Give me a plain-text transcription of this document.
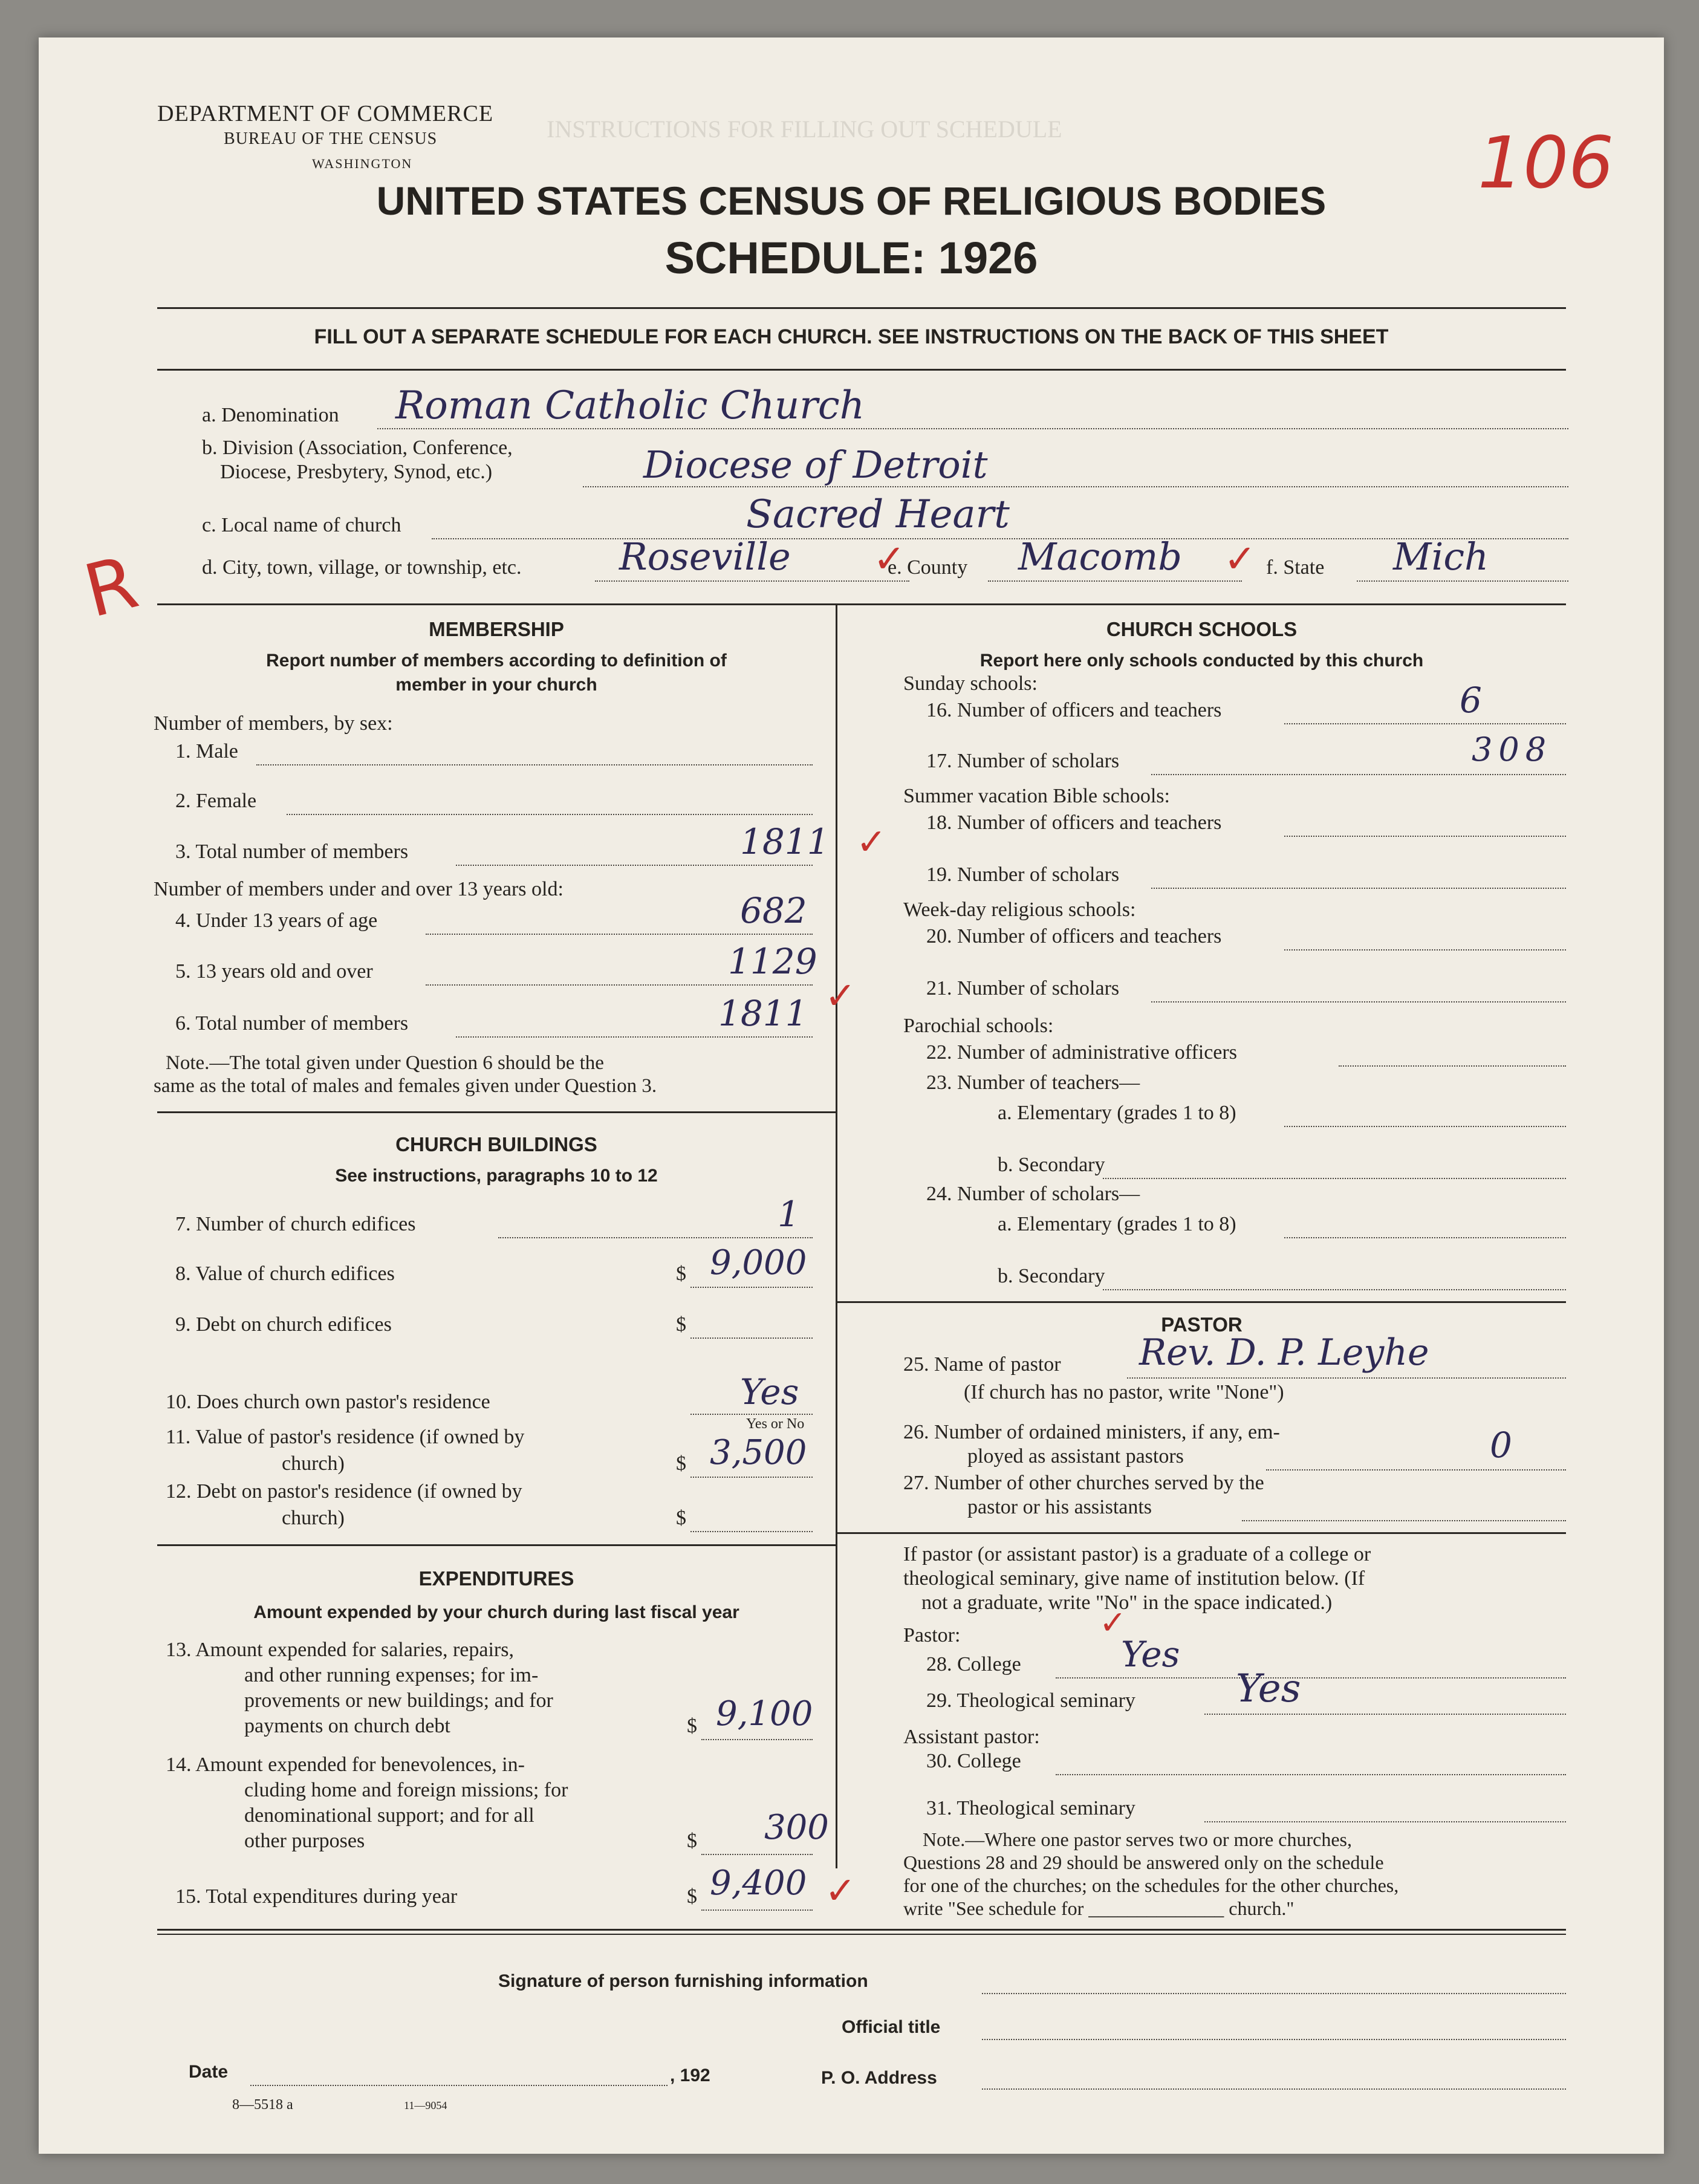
INSTRUCTIONS FOR FILLING OUT SCHEDULE
DEPARTMENT OF COMMERCE
BUREAU OF THE CENSUS
WASHINGTON
UNITED STATES CENSUS OF RELIGIOUS BODIES
SCHEDULE: 1926
106
FILL OUT A SEPARATE SCHEDULE FOR EACH CHURCH. SEE INSTRUCTIONS ON THE BACK OF THIS SHEET
R
a. Denomination Roman Catholic Church
b. Division (Association, Conference,
Diocese, Presbytery, Synod, etc.)	Diocese of Detroit
c. Local name of church	Sacred Heart
d. City, town, village, or township, etc.	Roseville ✓
e. County Macomb ✓ f. State Mich
MEMBERSHIP
Report number of members according to definition of
member in your church
Number of members, by sex:
1. Male
2. Female
3. Total number of members	1811 ✓
Number of members under and over 13 years old:
4. Under 13 years of age	682
5. 13 years old and over	1129
6. Total number of members	1811 ✓
Note.—The total given under Question 6 should be the
same as the total of males and females given under Question 3.
CHURCH BUILDINGS
See instructions, paragraphs 10 to 12
7. Number of church edifices	1
8. Value of church edifices	$ 9,000
9. Debt on church edifices	$
10. Does church own pastor's residence	Yes
Yes or No
11. Value of pastor's residence (if owned by
church)	$ 3,500
12. Debt on pastor's residence (if owned by
church)	$
EXPENDITURES
Amount expended by your church during last fiscal year
13. Amount expended for salaries, repairs,
and other running expenses; for im-
provements or new buildings; and for
payments on church debt	$ 9,100
14. Amount expended for benevolences, in-
cluding home and foreign missions; for
denominational support; and for all
other purposes	$ 300
15. Total expenditures during year	$ 9,400 ✓
CHURCH SCHOOLS
Report here only schools conducted by this church
Sunday schools:
16. Number of officers and teachers	6
17. Number of scholars	308
Summer vacation Bible schools:
18. Number of officers and teachers
19. Number of scholars
Week-day religious schools:
20. Number of officers and teachers
21. Number of scholars
Parochial schools:
22. Number of administrative officers
23. Number of teachers—
a. Elementary (grades 1 to 8)
b. Secondary
24. Number of scholars—
a. Elementary (grades 1 to 8)
b. Secondary
PASTOR
25. Name of pastor Rev. D. P. Leyhe
(If church has no pastor, write "None")
26. Number of ordained ministers, if any, em-
ployed as assistant pastors	0
27. Number of other churches served by the
pastor or his assistants
If pastor (or assistant pastor) is a graduate of a college or
theological seminary, give name of institution below. (If
not a graduate, write "No" in the space indicated.)
Pastor:	✓
28. College	Yes
29. Theological seminary	Yes
Assistant pastor:
30. College
31. Theological seminary
Note.—Where one pastor serves two or more churches,
Questions 28 and 29 should be answered only on the schedule
for one of the churches; on the schedules for the other churches,
write "See schedule for ______________ church."
Signature of person furnishing information
Official title
Date	, 192	P. O. Address
8—5518 a	11—9054
